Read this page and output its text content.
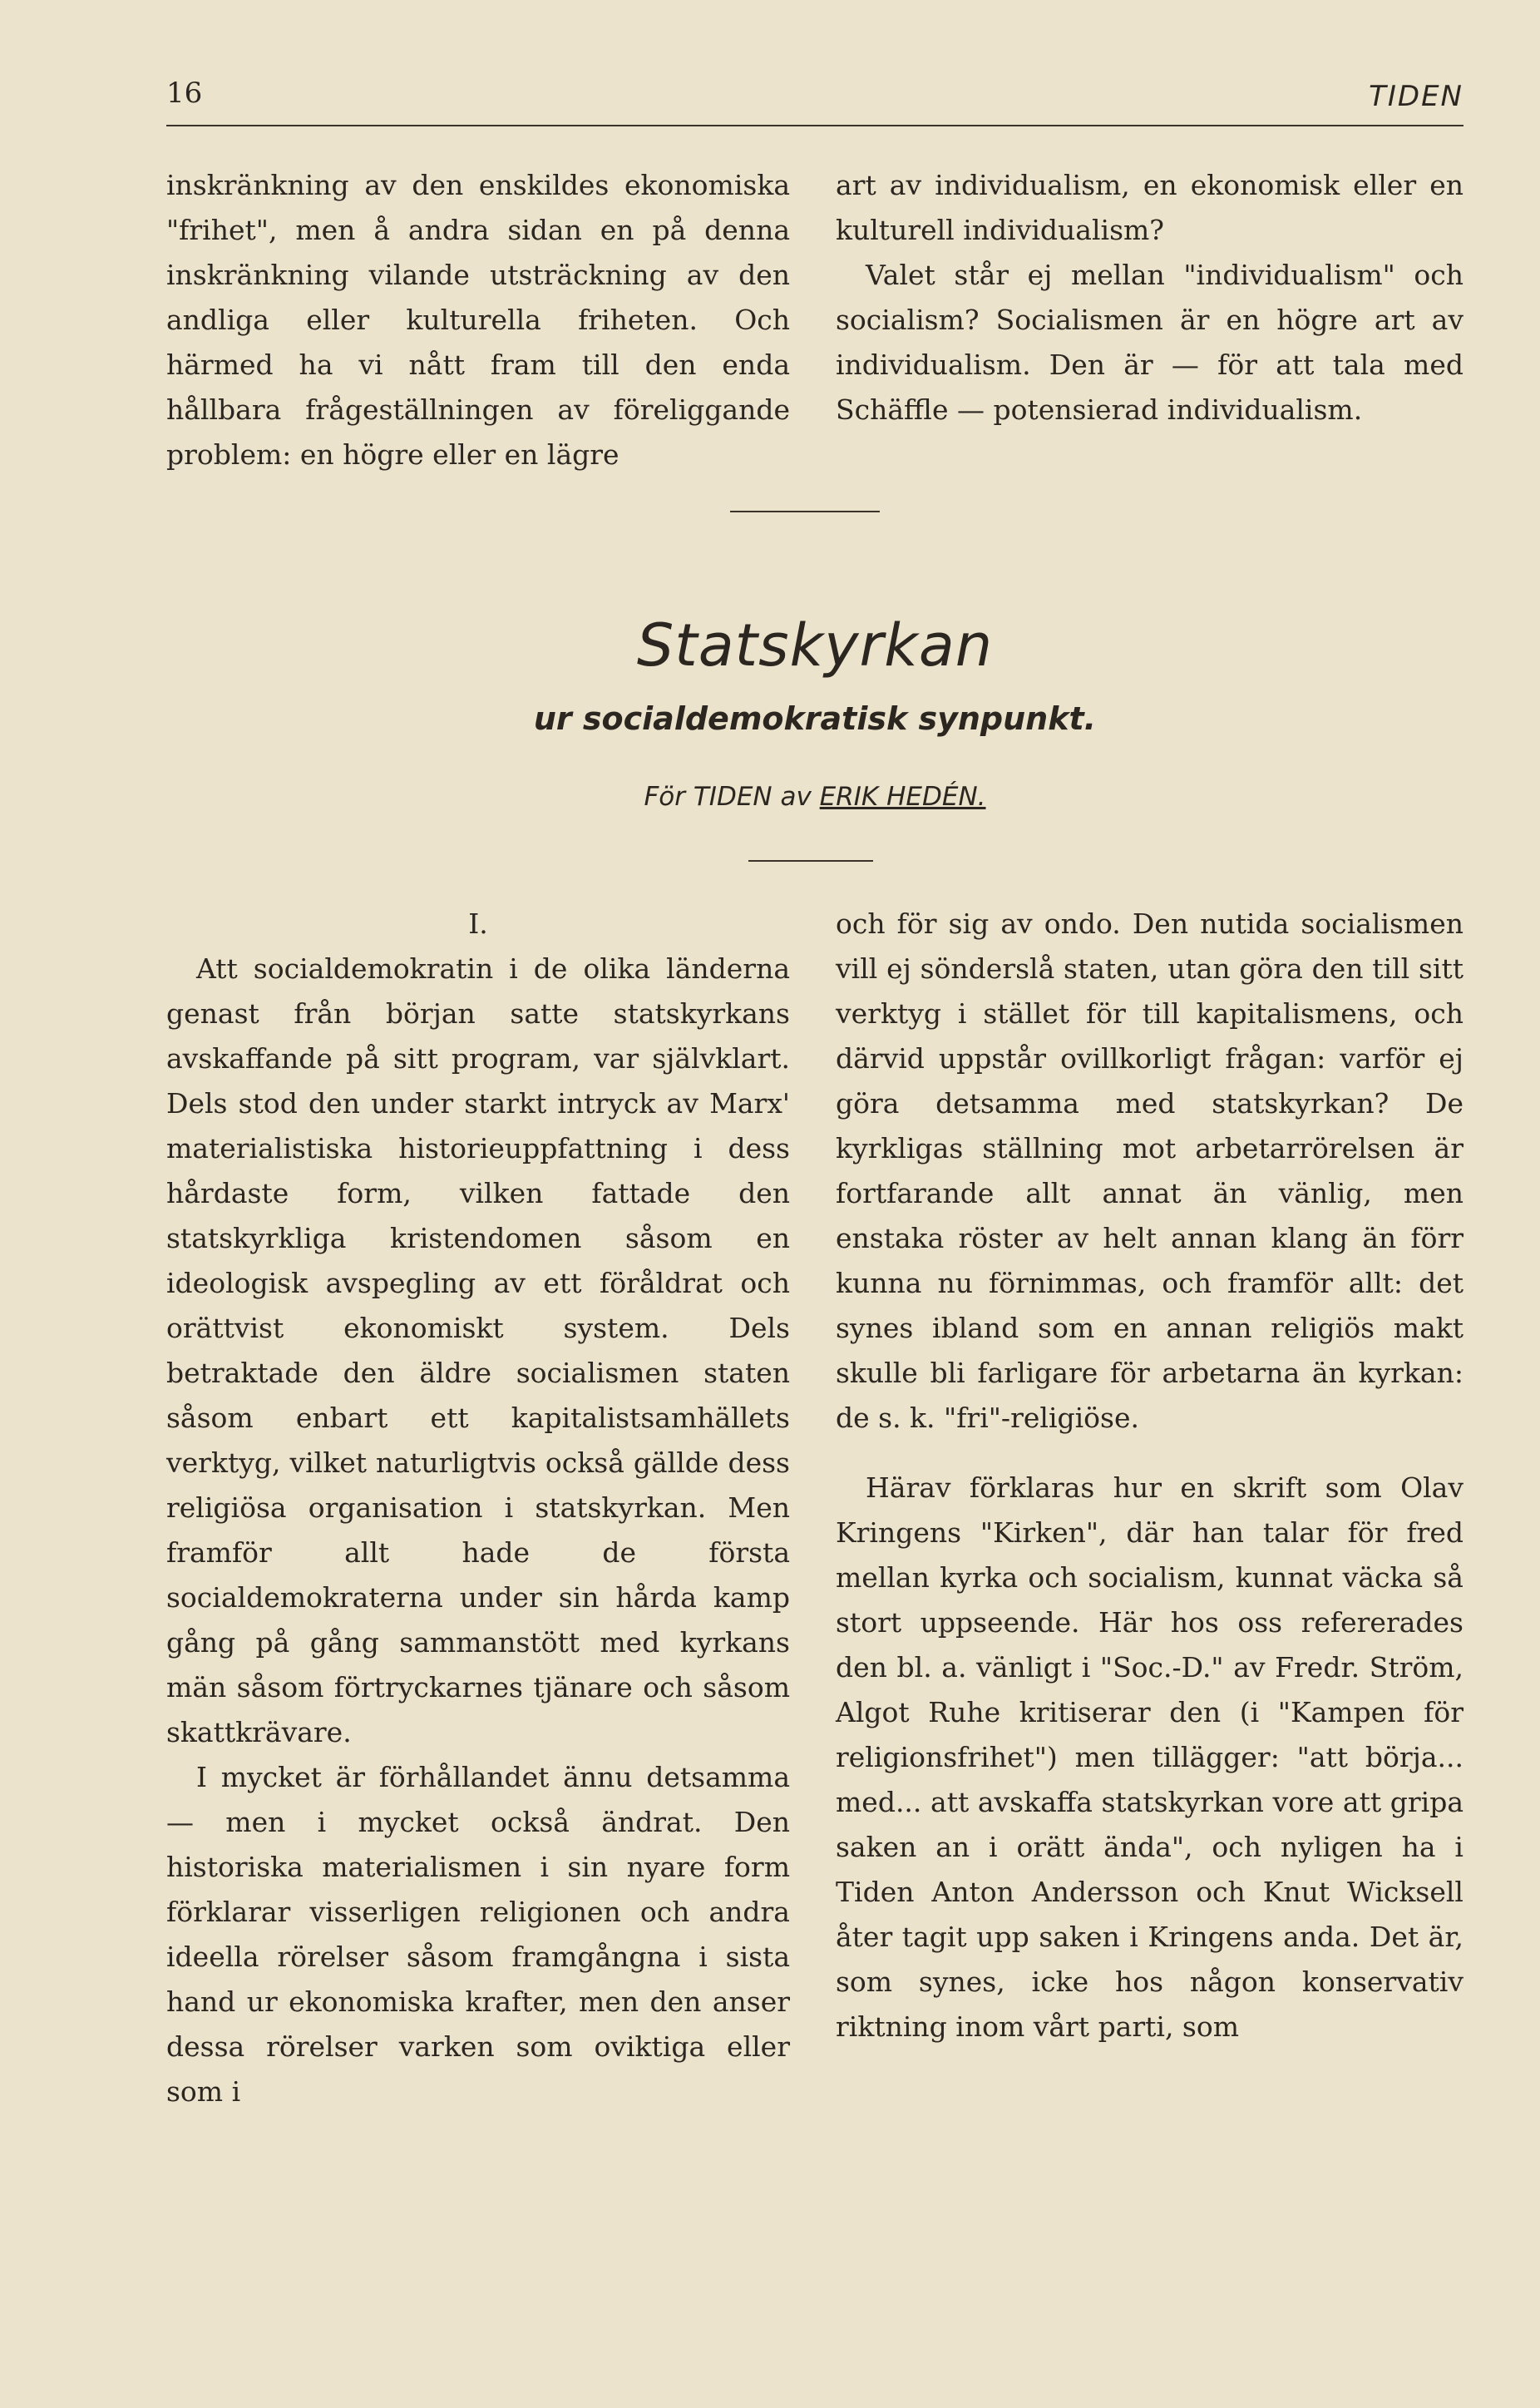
16	TIDEN

inskränkning av den enskildes ekonomiska "frihet", men å andra sidan en på denna inskränkning vilande utsträckning av den andliga eller kulturella friheten. Och härmed ha vi nått fram till den enda hållbara frågeställningen av föreliggande problem: en högre eller en lägre

art av individualism, en ekonomisk eller en kulturell individualism?

Valet står ej mellan "individualism" och socialism? Socialismen är en högre art av individualism. Den är — för att tala med Schäffle — potensierad individualism.

Statskyrkan
ur socialdemokratisk synpunkt.
För TIDEN av ERIK HEDÉN.

I.

Att socialdemokratin i de olika länderna genast från början satte statskyrkans avskaffande på sitt program, var självklart. Dels stod den under starkt intryck av Marx' materialistiska historieuppfattning i dess hårdaste form, vilken fattade den statskyrkliga kristendomen såsom en ideologisk avspegling av ett föråldrat och orättvist ekonomiskt system. Dels betraktade den äldre socialismen staten såsom enbart ett kapitalistsamhällets verktyg, vilket naturligtvis också gällde dess religiösa organisation i statskyrkan. Men framför allt hade de första socialdemokraterna under sin hårda kamp gång på gång sammanstött med kyrkans män såsom förtryckarnes tjänare och såsom skattkrävare.

I mycket är förhållandet ännu detsamma — men i mycket också ändrat. Den historiska materialismen i sin nyare form förklarar visserligen religionen och andra ideella rörelser såsom framgångna i sista hand ur ekonomiska krafter, men den anser dessa rörelser varken som oviktiga eller som i

och för sig av ondo. Den nutida socialismen vill ej sönderslå staten, utan göra den till sitt verktyg i stället för till kapitalismens, och därvid uppstår ovillkorligt frågan: varför ej göra detsamma med statskyrkan? De kyrkligas ställning mot arbetarrörelsen är fortfarande allt annat än vänlig, men enstaka röster av helt annan klang än förr kunna nu förnimmas, och framför allt: det synes ibland som en annan religiös makt skulle bli farligare för arbetarna än kyrkan: de s. k. "fri"-religiöse.

Härav förklaras hur en skrift som Olav Kringens "Kirken", där han talar för fred mellan kyrka och socialism, kunnat väcka så stort uppseende. Här hos oss refererades den bl. a. vänligt i "Soc.-D." av Fredr. Ström, Algot Ruhe kritiserar den (i "Kampen för religionsfrihet") men tillägger: "att börja... med... att avskaffa statskyrkan vore att gripa saken an i orätt ända", och nyligen ha i Tiden Anton Andersson och Knut Wicksell åter tagit upp saken i Kringens anda. Det är, som synes, icke hos någon konservativ riktning inom vårt parti, som
